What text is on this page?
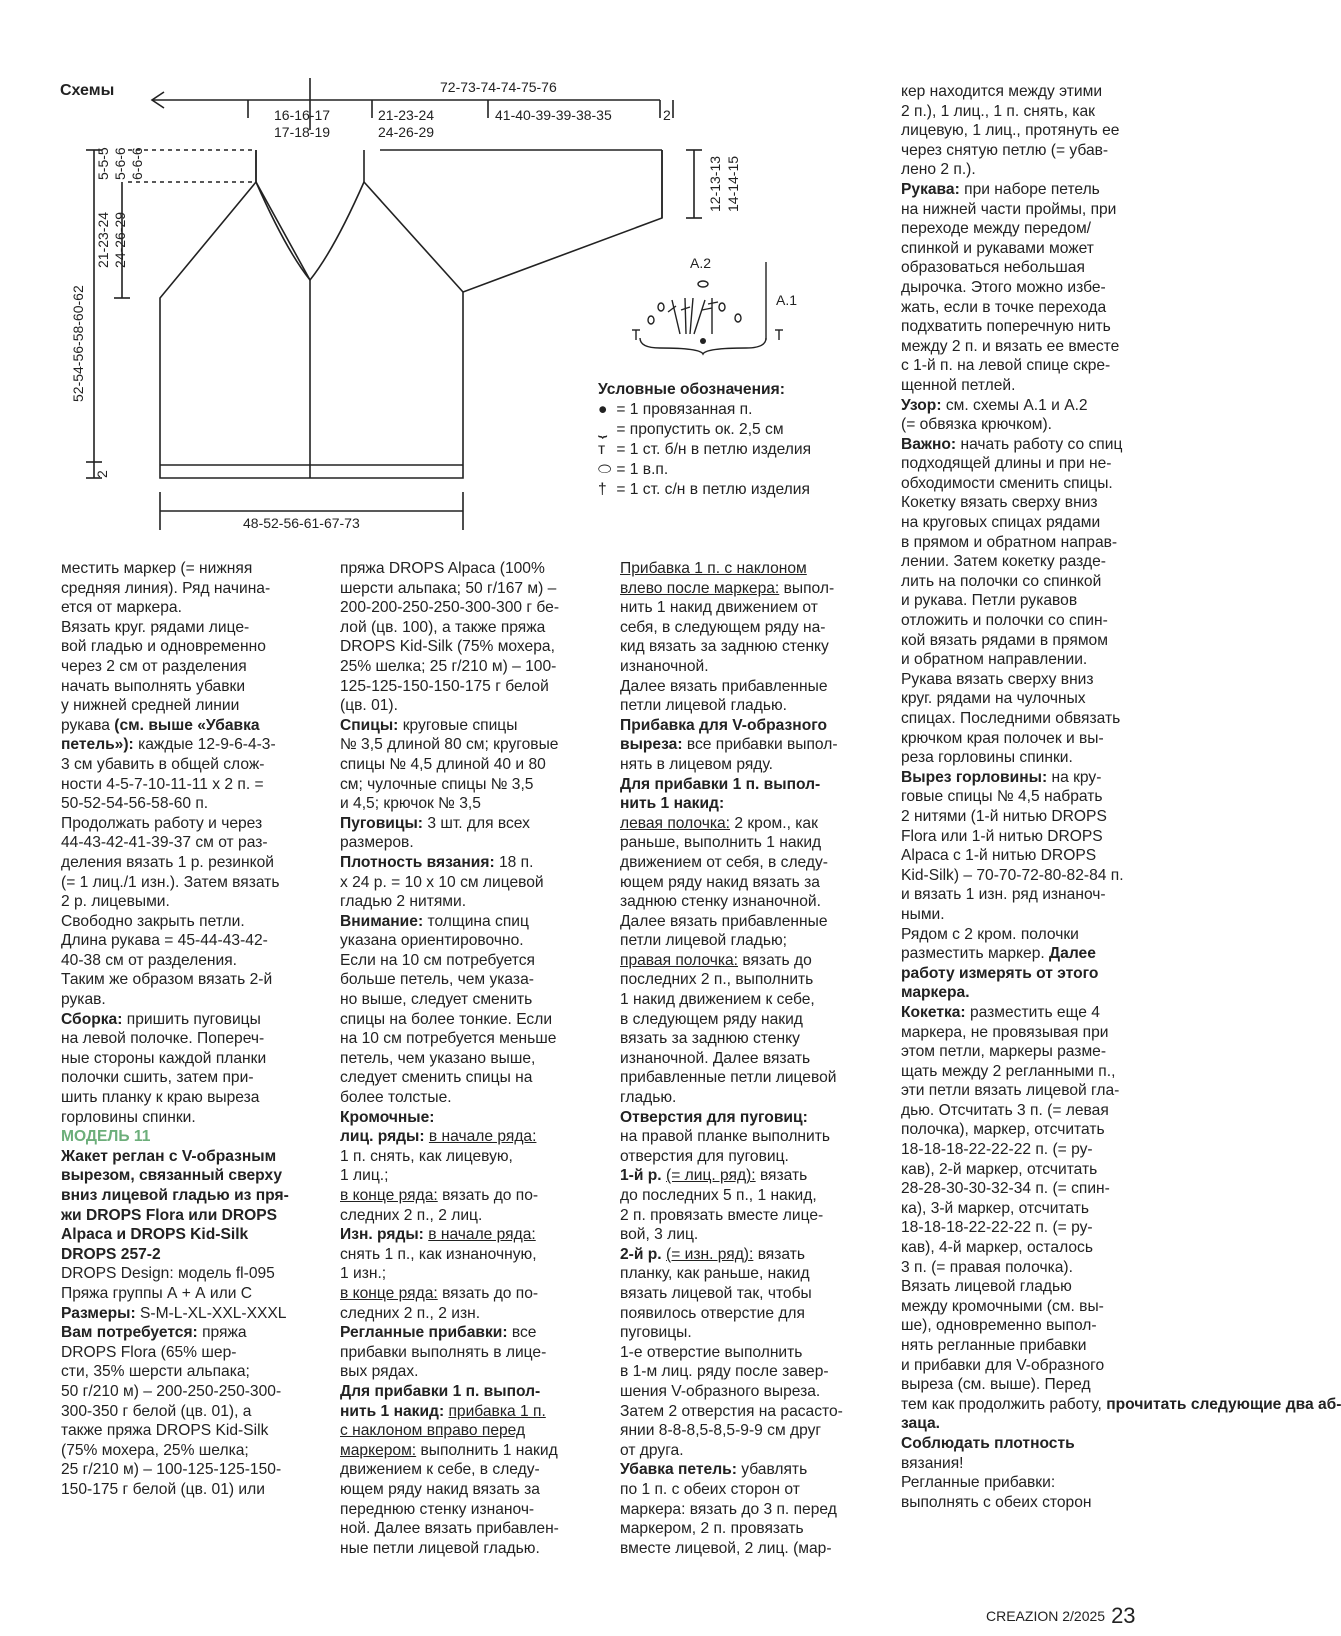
Схемы	72-73-74-74-75-76
16-16-17
17-18-19
21-23-24
24-26-29
41-40-39-39-38-35	2
5-5-5 5-6-6 6-6-6
21-23-24 24-26-29
52-54-56-58-60-62
2
12-13-13 14-14-15
48-52-56-61-67-73
A.2
A.1
Условные обозначения:
● = 1 провязанная п.
⏟ = пропустить ок. 2,5 см
т = 1 ст. б/н в петлю изделия
⬭ = 1 в.п.
† = 1 ст. с/н в петлю изделия
местить маркер (= нижняя
средняя линия). Ряд начина-
ется от маркера.
Вязать круг. рядами лице-
вой гладью и одновременно
через 2 см от разделения
начать выполнять убавки
у нижней средней линии
рукава (см. выше «Убавка
петель»): каждые 12-9-6-4-3-
3 см убавить в общей слож-
ности 4-5-7-10-11-11 х 2 п. =
50-52-54-56-58-60 п.
Продолжать работу и через
44-43-42-41-39-37 см от раз-
деления вязать 1 р. резинкой
(= 1 лиц./1 изн.). Затем вязать
2 р. лицевыми.
Свободно закрыть петли.
Длина рукава = 45-44-43-42-
40-38 см от разделения.
Таким же образом вязать 2-й
рукав.
Сборка: пришить пуговицы
на левой полочке. Попереч-
ные стороны каждой планки
полочки сшить, затем при-
шить планку к краю выреза
горловины спинки.
МОДЕЛЬ 11
Жакет реглан с V-образным
вырезом, связанный сверху
вниз лицевой гладью из пря-
жи DROPS Flora или DROPS
Alpaca и DROPS Kid-Silk
DROPS 257-2
DROPS Design: модель fl-095
Пряжа группы А + А или С
Размеры: S-M-L-XL-XXL-XXXL
Вам потребуется: пряжа
DROPS Flora (65% шер-
сти, 35% шерсти альпака;
50 г/210 м) – 200-250-250-300-
300-350 г белой (цв. 01), а
также пряжа DROPS Kid-Silk
(75% мохера, 25% шелка;
25 г/210 м) – 100-125-125-150-
150-175 г белой (цв. 01) или
пряжа DROPS Alpaca (100%
шерсти альпака; 50 г/167 м) –
200-200-250-250-300-300 г бе-
лой (цв. 100), а также пряжа
DROPS Kid-Silk (75% мохера,
25% шелка; 25 г/210 м) – 100-
125-125-150-150-175 г белой
(цв. 01).
Спицы: круговые спицы
№ 3,5 длиной 80 см; круговые
спицы № 4,5 длиной 40 и 80
см; чулочные спицы № 3,5
и 4,5; крючок № 3,5
Пуговицы: 3 шт. для всех
размеров.
Плотность вязания: 18 п.
х 24 р. = 10 х 10 см лицевой
гладью 2 нитями.
Внимание: толщина спиц
указана ориентировочно.
Если на 10 см потребуется
больше петель, чем указа-
но выше, следует сменить
спицы на более тонкие. Если
на 10 см потребуется меньше
петель, чем указано выше,
следует сменить спицы на
более толстые.
Кромочные:
лиц. ряды: в начале ряда:
1 п. снять, как лицевую,
1 лиц.;
в конце ряда: вязать до по-
следних 2 п., 2 лиц.
Изн. ряды: в начале ряда:
снять 1 п., как изнаночную,
1 изн.;
в конце ряда: вязать до по-
следних 2 п., 2 изн.
Регланные прибавки: все
прибавки выполнять в лице-
вых рядах.
Для прибавки 1 п. выпол-
нить 1 накид: прибавка 1 п.
с наклоном вправо перед
маркером: выполнить 1 накид
движением к себе, в следу-
ющем ряду накид вязать за
переднюю стенку изнаноч-
ной. Далее вязать прибавлен-
ные петли лицевой гладью.
Прибавка 1 п. с наклоном
влево после маркера: выпол-
нить 1 накид движением от
себя, в следующем ряду на-
кид вязать за заднюю стенку
изнаночной.
Далее вязать прибавленные
петли лицевой гладью.
Прибавка для V-образного
выреза: все прибавки выпол-
нять в лицевом ряду.
Для прибавки 1 п. выпол-
нить 1 накид:
левая полочка: 2 кром., как
раньше, выполнить 1 накид
движением от себя, в следу-
ющем ряду накид вязать за
заднюю стенку изнаночной.
Далее вязать прибавленные
петли лицевой гладью;
правая полочка: вязать до
последних 2 п., выполнить
1 накид движением к себе,
в следующем ряду накид
вязать за заднюю стенку
изнаночной. Далее вязать
прибавленные петли лицевой
гладью.
Отверстия для пуговиц:
на правой планке выполнить
отверстия для пуговиц.
1-й р. (= лиц. ряд): вязать
до последних 5 п., 1 накид,
2 п. провязать вместе лице-
вой, 3 лиц.
2-й р. (= изн. ряд): вязать
планку, как раньше, накид
вязать лицевой так, чтобы
появилось отверстие для
пуговицы.
1-е отверстие выполнить
в 1-м лиц. ряду после завер-
шения V-образного выреза.
Затем 2 отверстия на расасто-
янии 8-8-8,5-8,5-9-9 см друг
от друга.
Убавка петель: убавлять
по 1 п. с обеих сторон от
маркера: вязать до 3 п. перед
маркером, 2 п. провязать
вместе лицевой, 2 лиц. (мар-
кер находится между этими
2 п.), 1 лиц., 1 п. снять, как
лицевую, 1 лиц., протянуть ее
через снятую петлю (= убав-
лено 2 п.).
Рукава: при наборе петель
на нижней части проймы, при
переходе между передом/
спинкой и рукавами может
образоваться небольшая
дырочка. Этого можно избе-
жать, если в точке перехода
подхватить поперечную нить
между 2 п. и вязать ее вместе
с 1-й п. на левой спице скре-
щенной петлей.
Узор: см. схемы А.1 и А.2
(= обвязка крючком).
Важно: начать работу со спиц
подходящей длины и при не-
обходимости сменить спицы.
Кокетку вязать сверху вниз
на круговых спицах рядами
в прямом и обратном направ-
лении. Затем кокетку разде-
лить на полочки со спинкой
и рукава. Петли рукавов
отложить и полочки со спин-
кой вязать рядами в прямом
и обратном направлении.
Рукава вязать сверху вниз
круг. рядами на чулочных
спицах. Последними обвязать
крючком края полочек и вы-
реза горловины спинки.
Вырез горловины: на кру-
говые спицы № 4,5 набрать
2 нитями (1-й нитью DROPS
Flora или 1-й нитью DROPS
Alpaca с 1-й нитью DROPS
Kid-Silk) – 70-70-72-80-82-84 п.
и вязать 1 изн. ряд изнаноч-
ными.
Рядом с 2 кром. полочки
разместить маркер. Далее
работу измерять от этого
маркера.
Кокетка: разместить еще 4
маркера, не провязывая при
этом петли, маркеры разме-
щать между 2 регланными п.,
эти петли вязать лицевой гла-
дью. Отсчитать 3 п. (= левая
полочка), маркер, отсчитать
18-18-18-22-22-22 п. (= ру-
кав), 2-й маркер, отсчитать
28-28-30-30-32-34 п. (= спин-
ка), 3-й маркер, отсчитать
18-18-18-22-22-22 п. (= ру-
кав), 4-й маркер, осталось
3 п. (= правая полочка).
Вязать лицевой гладью
между кромочными (см. вы-
ше), одновременно выпол-
нять регланные прибавки
и прибавки для V-образного
выреза (см. выше). Перед
тем как продолжить работу, прочитать следующие два аб-
заца.
Соблюдать плотность
вязания!
Регланные прибавки:
выполнять с обеих сторон
CREAZION 2/2025 23
